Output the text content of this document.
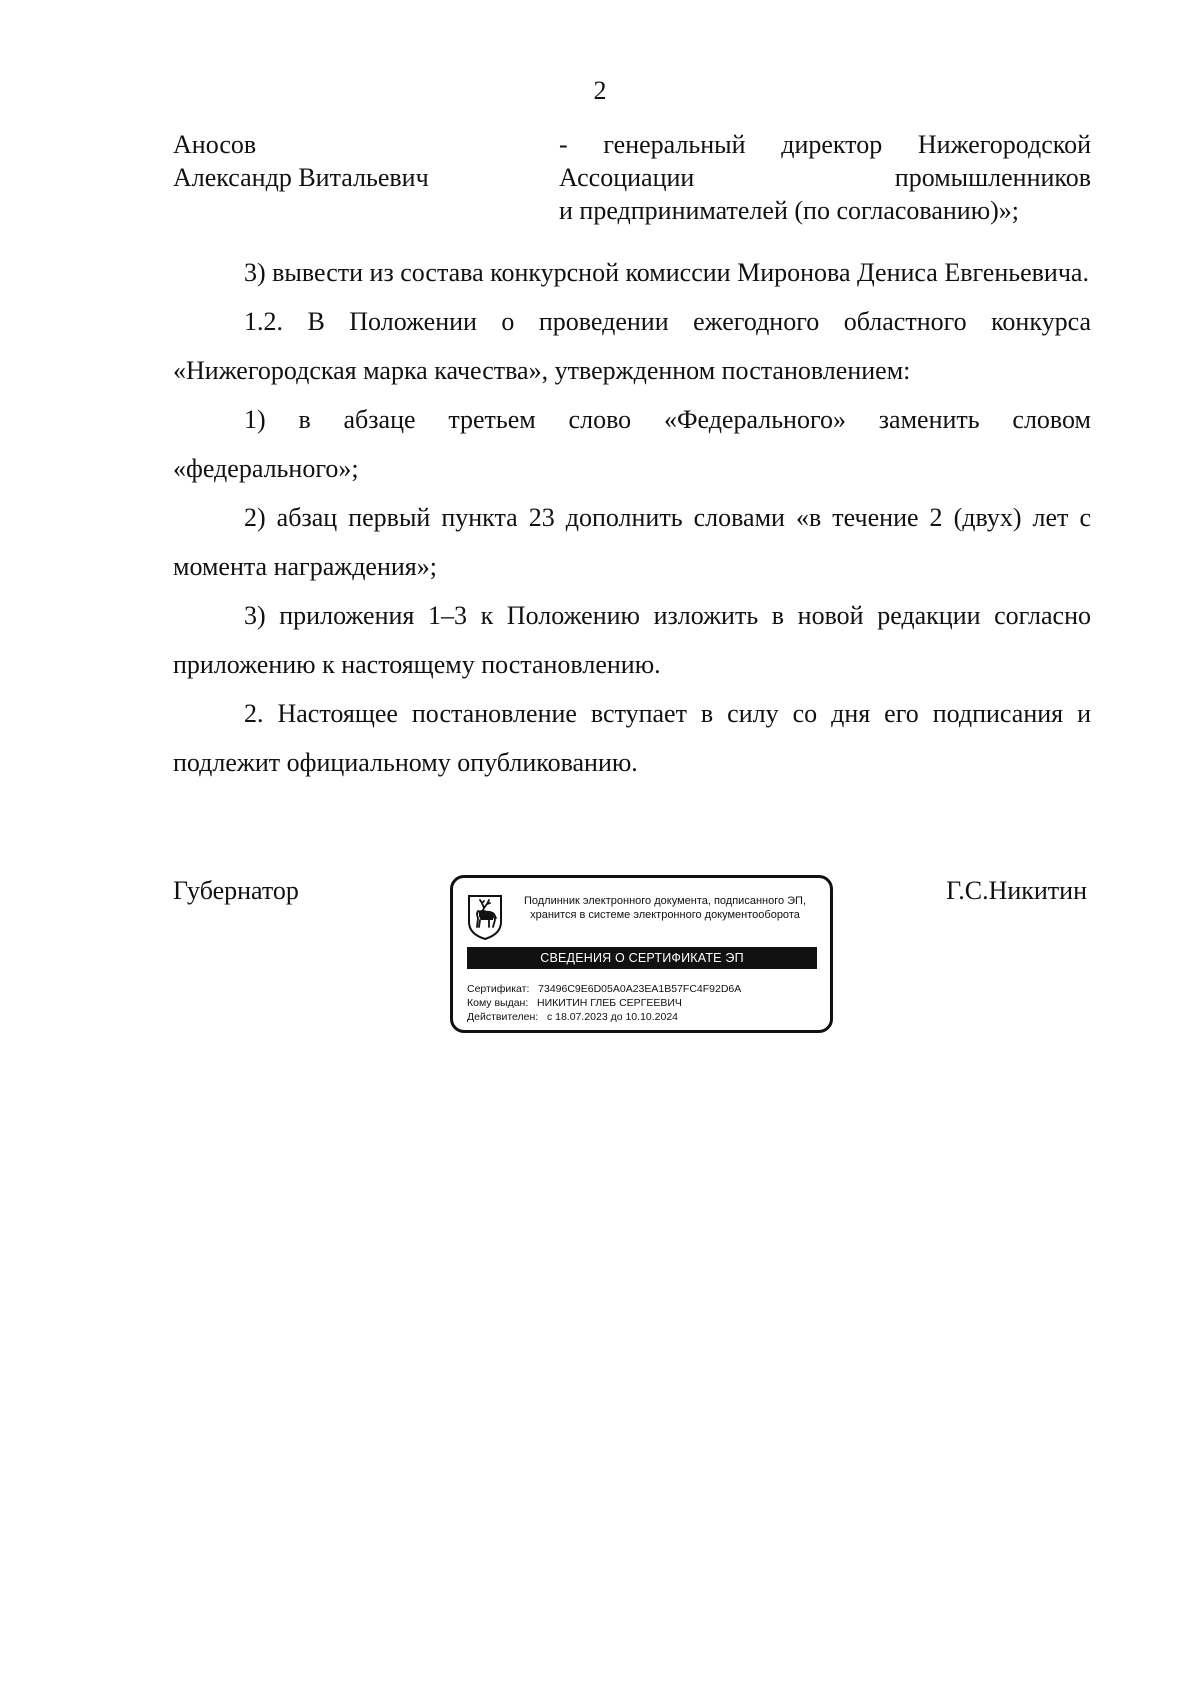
2
Аносов
Александр Витальевич
- генеральный директор Нижегородской
Ассоциации промышленников
и предпринимателей (по согласованию)»;

3) вывести из состава конкурсной комиссии Миронова Дениса Евгеньевича.

1.2. В Положении о проведении ежегодного областного конкурса «Нижегородская марка качества», утвержденном постановлением:

1) в абзаце третьем слово «Федерального» заменить словом «федерального»;

2) абзац первый пункта 23 дополнить словами «в течение 2 (двух) лет с момента награждения»;

3) приложения 1–3 к Положению изложить в новой редакции согласно приложению к настоящему постановлению.

2. Настоящее постановление вступает в силу со дня его подписания и подлежит официальному опубликованию.

Губернатор	Г.С.Никитин
Подлинник электронного документа, подписанного ЭП,
хранится в системе электронного документооборота
СВЕДЕНИЯ О СЕРТИФИКАТЕ ЭП
Сертификат:   73496C9E6D05A0A23EA1B57FC4F92D6A
Кому выдан:   НИКИТИН ГЛЕБ СЕРГЕЕВИЧ
Действителен:   с 18.07.2023 до 10.10.2024
